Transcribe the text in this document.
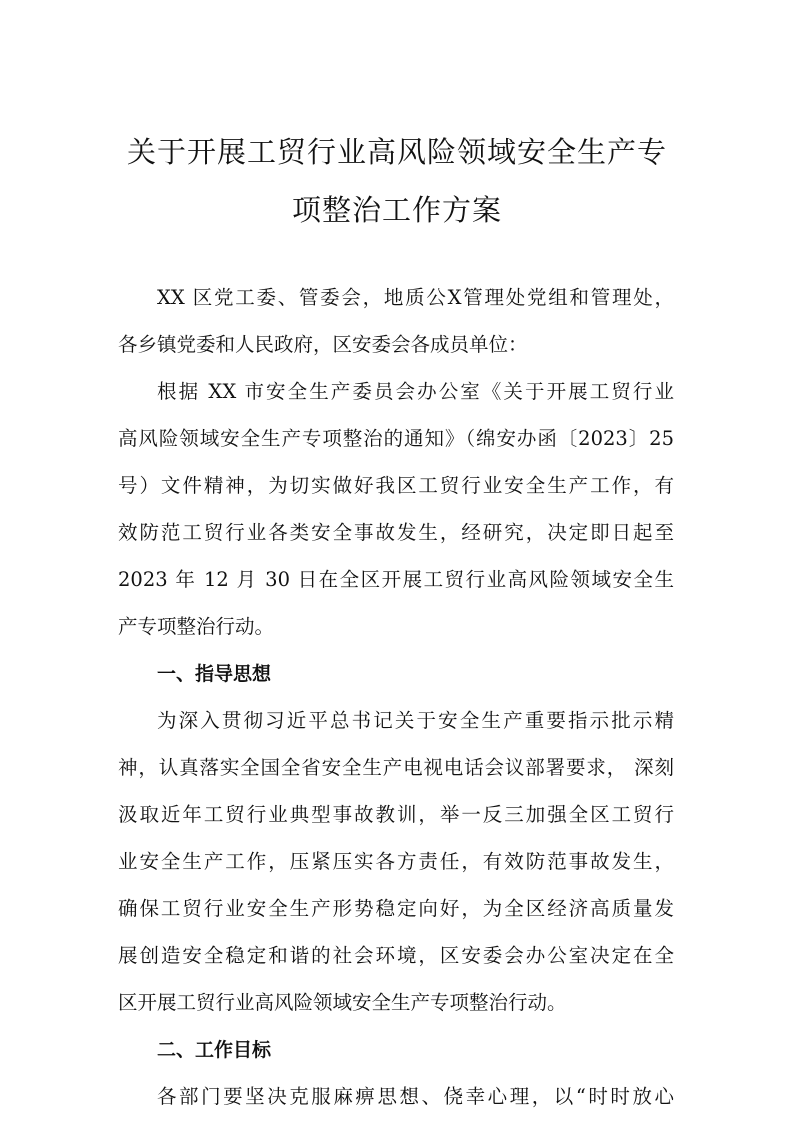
关于开展工贸行业高风险领域安全生产专
项整治工作方案
XX 区党工委、管委会，地质公X管理处党组和管理处，
各乡镇党委和人民政府，区安委会各成员单位：
根据 XX 市安全生产委员会办公室《关于开展工贸行业
高风险领域安全生产专项整治的通知》（绵安办函〔2023〕25
号）文件精神，为切实做好我区工贸行业安全生产工作，有
效防范工贸行业各类安全事故发生，经研究，决定即日起至
2023 年 12 月 30 日在全区开展工贸行业高风险领域安全生
产专项整治行动。
一、指导思想
为深入贯彻习近平总书记关于安全生产重要指示批示精
神，认真落实全国全省安全生产电视电话会议部署要求， 深刻
汲取近年工贸行业典型事故教训，举一反三加强全区工贸行
业安全生产工作，压紧压实各方责任，有效防范事故发生，
确保工贸行业安全生产形势稳定向好，为全区经济高质量发
展创造安全稳定和谐的社会环境，区安委会办公室决定在全
区开展工贸行业高风险领域安全生产专项整治行动。
二、工作目标
各部门要坚决克服麻痹思想、侥幸心理，以“时时放心
